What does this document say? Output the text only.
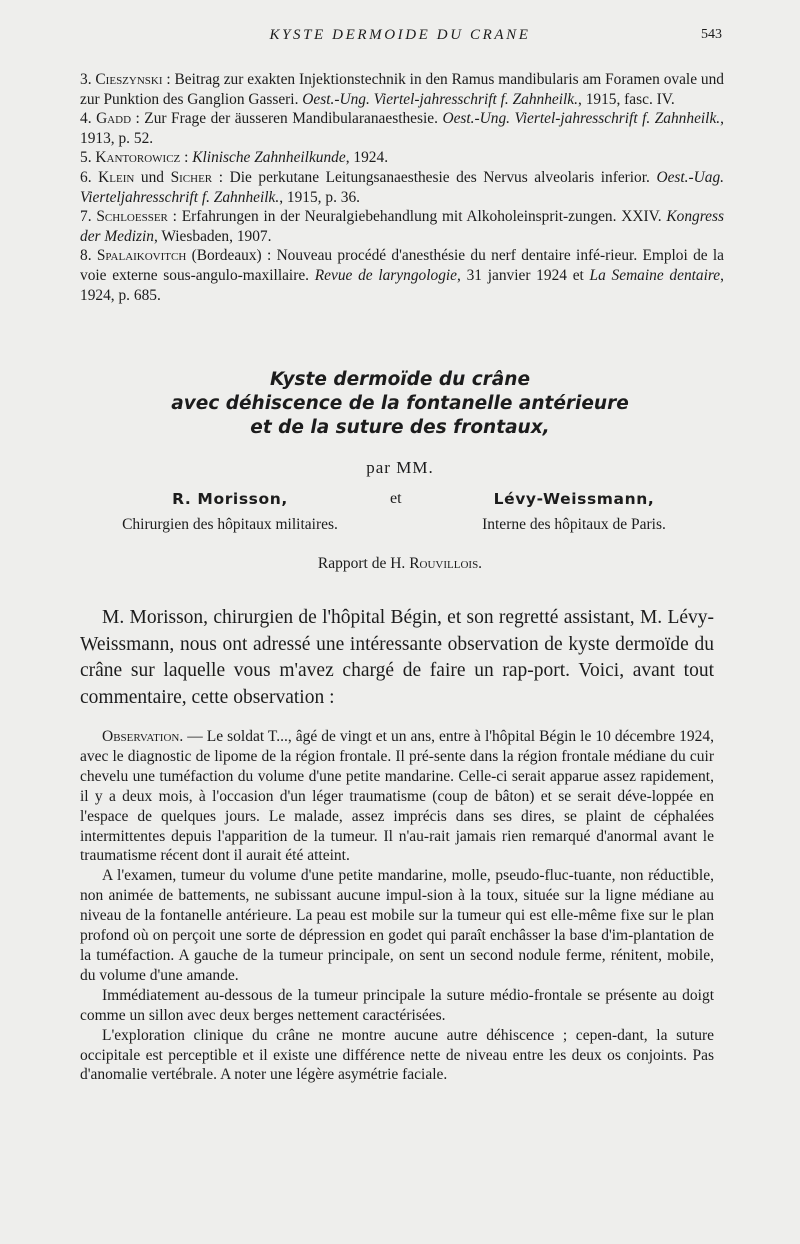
KYSTE DERMOIDE DU CRANE	543

3. Cieszynski : Beitrag zur exakten Injektionstechnik in den Ramus mandibularis am Foramen ovale und zur Punktion des Ganglion Gasseri. Oest.-Ung. Viertel-jahresschrift f. Zahnheilk., 1915, fasc. IV.

4. Gadd : Zur Frage der äusseren Mandibularanaesthesie. Oest.-Ung. Viertel-jahresschrift f. Zahnheilk., 1913, p. 52.

5. Kantorowicz : Klinische Zahnheilkunde, 1924.

6. Klein und Sicher : Die perkutane Leitungsanaesthesie des Nervus alveolaris inferior. Oest.-Uag. Vierteljahresschrift f. Zahnheilk., 1915, p. 36.

7. Schloesser : Erfahrungen in der Neuralgiebehandlung mit Alkoholeinsprit-zungen. XXIV. Kongress der Medizin, Wiesbaden, 1907.

8. Spalaikovitch (Bordeaux) : Nouveau procédé d'anesthésie du nerf dentaire infé-rieur. Emploi de la voie externe sous-angulo-maxillaire. Revue de laryngologie, 31 janvier 1924 et La Semaine dentaire, 1924, p. 685.

Kyste dermoïde du crâne
avec déhiscence de la fontanelle antérieure
et de la suture des frontaux,
par MM.
R. Morisson,
Chirurgien des hôpitaux militaires.
et	Lévy-Weissmann,
Interne des hôpitaux de Paris.
Rapport de H. Rouvillois.

M. Morisson, chirurgien de l'hôpital Bégin, et son regretté assistant, M. Lévy-Weissmann, nous ont adressé une intéressante observation de kyste dermoïde du crâne sur laquelle vous m'avez chargé de faire un rap-port. Voici, avant tout commentaire, cette observation :

Observation. — Le soldat T..., âgé de vingt et un ans, entre à l'hôpital Bégin le 10 décembre 1924, avec le diagnostic de lipome de la région frontale. Il pré-sente dans la région frontale médiane du cuir chevelu une tuméfaction du volume d'une petite mandarine. Celle-ci serait apparue assez rapidement, il y a deux mois, à l'occasion d'un léger traumatisme (coup de bâton) et se serait déve-loppée en l'espace de quelques jours. Le malade, assez imprécis dans ses dires, se plaint de céphalées intermittentes depuis l'apparition de la tumeur. Il n'au-rait jamais rien remarqué d'anormal avant le traumatisme récent dont il aurait été atteint.

A l'examen, tumeur du volume d'une petite mandarine, molle, pseudo-fluc-tuante, non réductible, non animée de battements, ne subissant aucune impul-sion à la toux, située sur la ligne médiane au niveau de la fontanelle antérieure. La peau est mobile sur la tumeur qui est elle-même fixe sur le plan profond où on perçoit une sorte de dépression en godet qui paraît enchâsser la base d'im-plantation de la tuméfaction. A gauche de la tumeur principale, on sent un second nodule ferme, rénitent, mobile, du volume d'une amande.

Immédiatement au-dessous de la tumeur principale la suture médio-frontale se présente au doigt comme un sillon avec deux berges nettement caractérisées.

L'exploration clinique du crâne ne montre aucune autre déhiscence ; cepen-dant, la suture occipitale est perceptible et il existe une différence nette de niveau entre les deux os conjoints. Pas d'anomalie vertébrale. A noter une légère asymétrie faciale.
